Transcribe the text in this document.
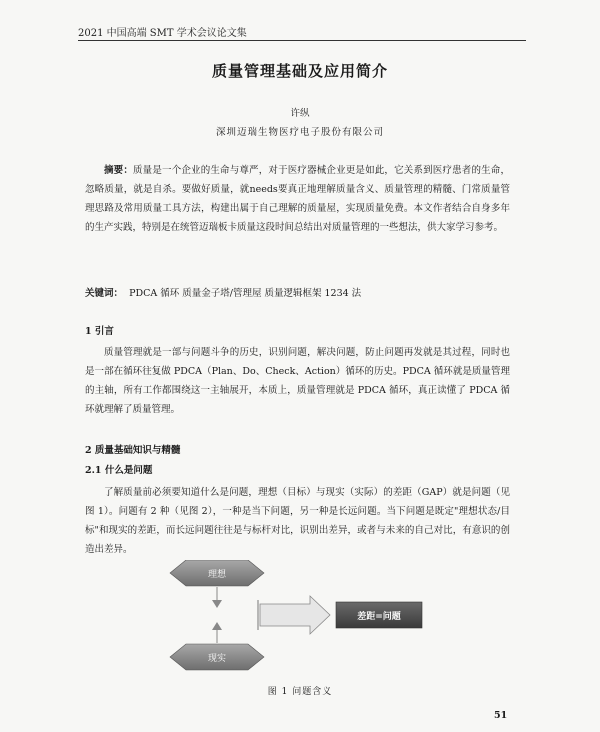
2021 中国高端 SMT 学术会议论文集
质量管理基础及应用简介
许纵
深圳迈瑞生物医疗电子股份有限公司

摘要：质量是一个企业的生命与尊严，对于医疗器械企业更是如此，它关系到医疗患者的生命，忽略质量，就是自杀。要做好质量，就needs要真正地理解质量含义、质量管理的精髓、门常质量管理思路及常用质量工具方法，构建出属于自己理解的质量屋，实现质量免费。本文作者结合自身多年的生产实践，特别是在统管迈瑞板卡质量这段时间总结出对质量管理的一些想法，供大家学习参考。

关键词： PDCA 循环 质量金子塔/管理屋 质量逻辑框架 1234 法
1 引言

质量管理就是一部与问题斗争的历史，识别问题，解决问题，防止问题再发就是其过程，同时也是一部在循环往复做 PDCA（Plan、Do、Check、Action）循环的历史。PDCA 循环就是质量管理的主轴，所有工作都围绕这一主轴展开，本质上，质量管理就是 PDCA 循环，真正读懂了 PDCA 循环就理解了质量管理。

2 质量基础知识与精髓
2.1 什么是问题

了解质量前必须要知道什么是问题，理想（目标）与现实（实际）的差距（GAP）就是问题（见图 1）。问题有 2 种（见图 2），一种是当下问题，另一种是长远问题。当下问题是既定"理想状态/目标"和现实的差距，而长远问题往往是与标杆对比，识别出差异，或者与未来的自己对比，有意识的创造出差异。

理想
现实
差距=问题
图 1 问题含义
51
